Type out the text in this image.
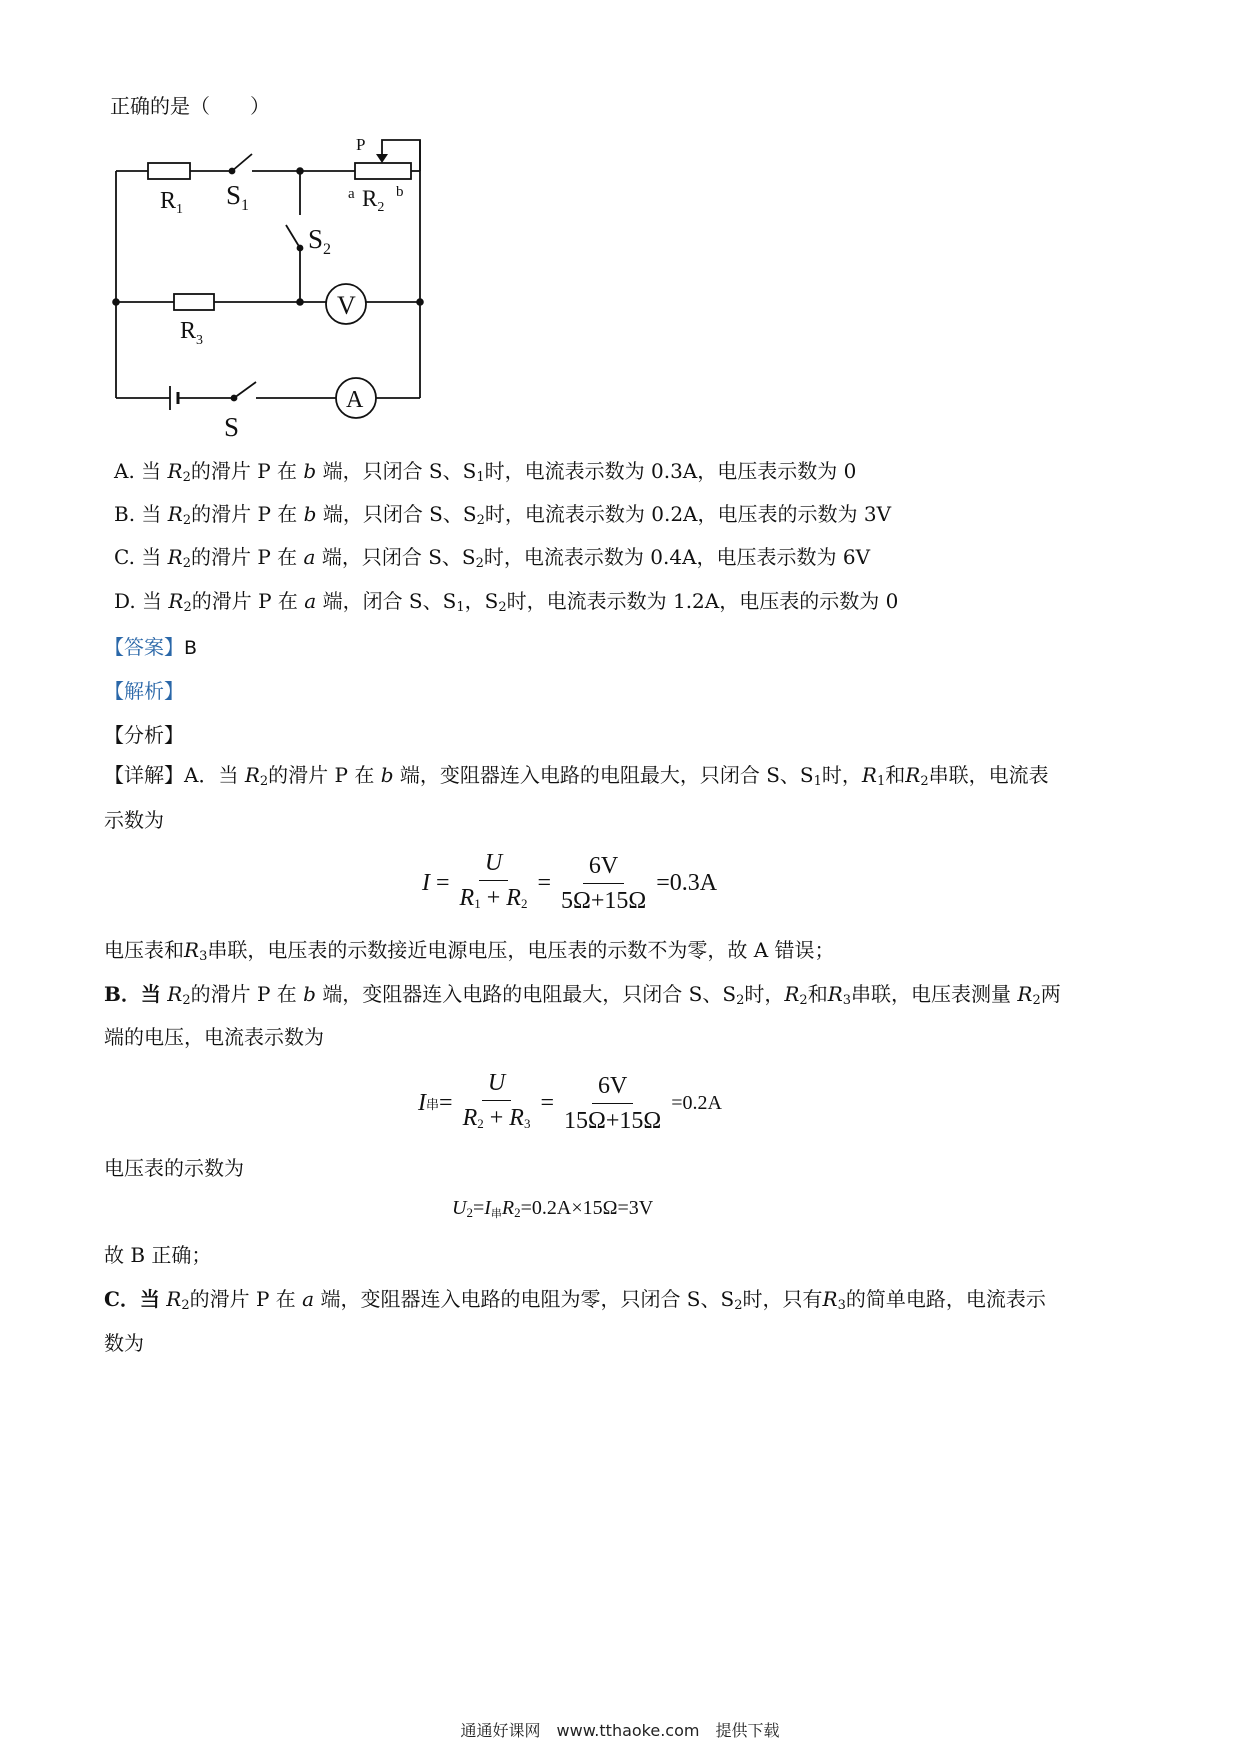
正确的是（　　）
$R_1$ $S_1$
P
a $R_2$
b
$S_2$
V
$R_3$
A
S
A. 当 $R_2$的滑片 P 在 b 端，只闭合 S、$S_1$时，电流表示数为 0.3A，电压表示数为 0
B. 当 $R_2$的滑片 P 在 b 端，只闭合 S、$S_2$时，电流表示数为 0.2A，电压表的示数为 3V
C. 当 $R_2$的滑片 P 在 a 端，只闭合 S、$S_2$时，电流表示数为 0.4A，电压表示数为 6V
D. 当 $R_2$的滑片 P 在 a 端，闭合 S、$S_1$，$S_2$时，电流表示数为 1.2A，电压表的示数为 0
【答案】B
【解析】
【分析】
【详解】A．当 $R_2$的滑片 P 在 b 端，变阻器连入电路的电阻最大，只闭合 S、$S_1$时，$R_1$和$R_2$串联，电流表
示数为
I
= $\frac{U}{R_1 + R_2} = \frac{6V}{5\Omega+15\Omega} =0.3A$
电压表和$R_3$串联，电压表的示数接近电源电压，电压表的示数不为零，故 A 错误；
B．当 $R_2$的滑片 P 在 b 端，变阻器连入电路的电阻最大，只闭合 S、$S_2$时，$R_2$和$R_3$串联，电压表测量 $R_2$两
端的电压，电流表示数为
I 串 = $\frac{U}{R_2 + R_3} = \frac{6V}{15\Omega+15\Omega} =0.2A$
电压表的示数为
$U_2=I$串$R_2=0.2A\times 15\Omega=3V$
故 B 正确；
C．当 $R_2$的滑片 P 在 a 端，变阻器连入电路的电阻为零，只闭合 S、$S_2$时，只有$R_3$的简单电路，电流表示
数为
通通好课网　www.tthaoke.com　提供下载
